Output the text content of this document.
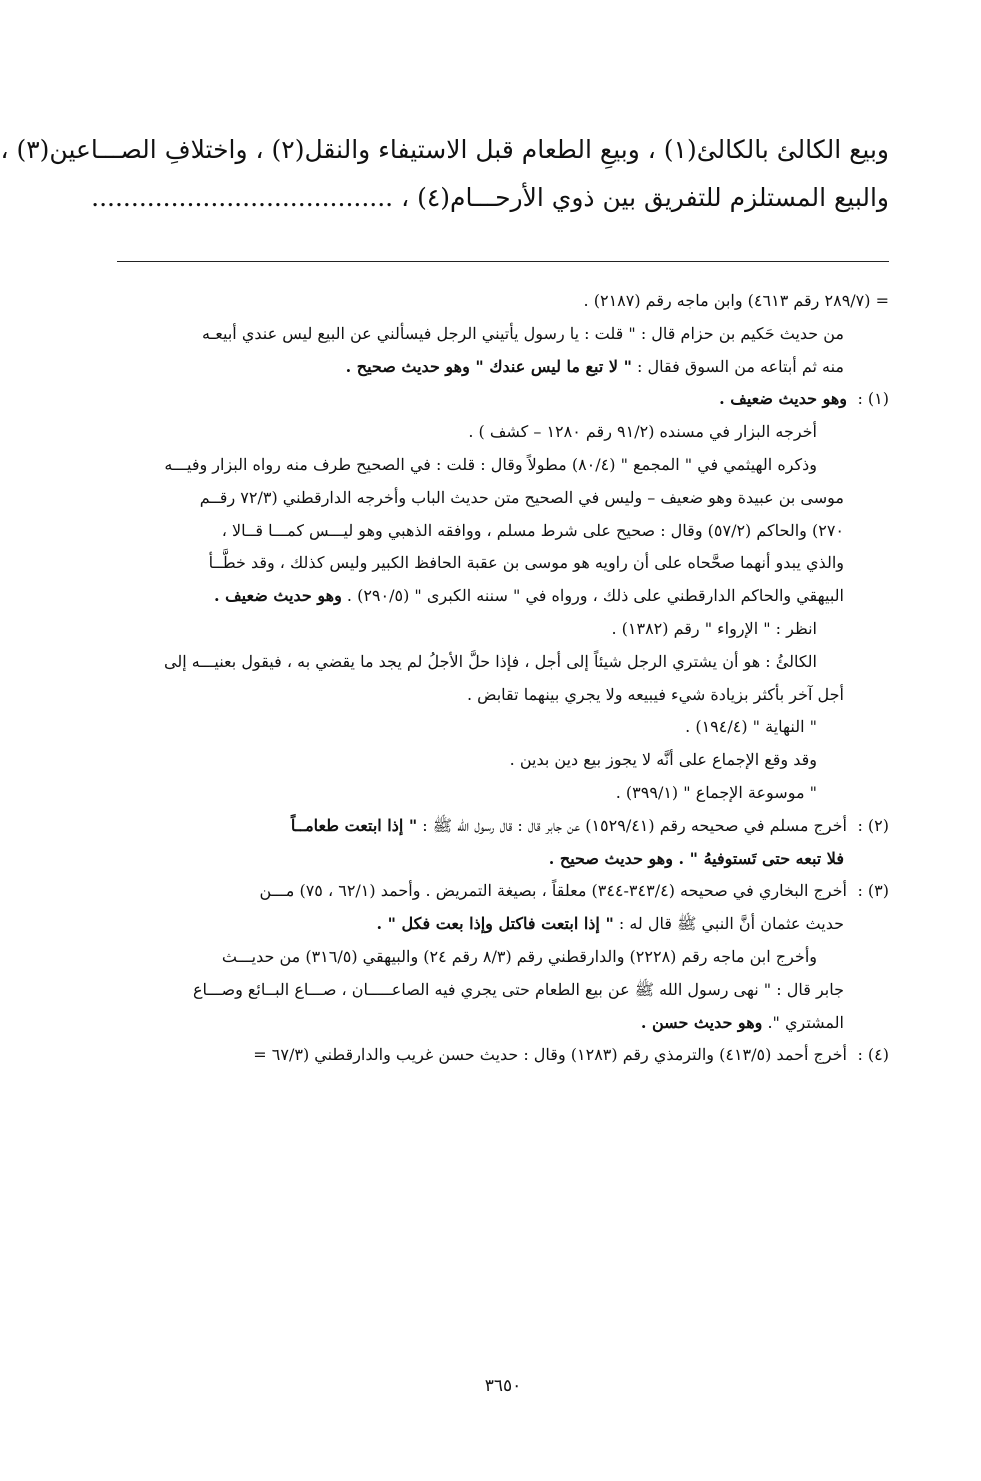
وبيع الكالئ بالكالئ(١) ، وبيعِ الطعام قبل الاستيفاء والنقل(٢) ، واختلافِ الصـــاعين(٣) ،
والبيع المستلزم للتفريق بين ذوي الأرحـــام(٤) ، ......................................
= (٢٨٩/٧ رقم ٤٦١٣) وابن ماجه رقم (٢١٨٧) .
من حديث حَكيم بن حزام قال : " قلت : يا رسول يأتيني الرجل فيسألني عن البيع ليس عندي أبيعـه
منه ثم أبتاعه من السوق فقال : " لا تبع ما ليس عندك " وهو حديث صحيح .
(١) :وهو حديث ضعيف .
أخرجه البزار في مسنده (٩١/٢ رقم ١٢٨٠ – كشف ) .
وذكره الهيثمي في " المجمع " (٨٠/٤) مطولاً وقال : قلت : في الصحيح طرف منه رواه البزار وفيـــه
موسى بن عبيدة وهو ضعيف – وليس في الصحيح متن حديث الباب وأخرجه الدارقطني (٧٢/٣ رقــم
٢٧٠) والحاكم (٥٧/٢) وقال : صحيح على شرط مسلم ، ووافقه الذهبي وهو ليـــس كمـــا قــالا ،
والذي يبدو أنهما صحَّحاه على أن راويه هو موسى بن عقبة الحافظ الكبير وليس كذلك ، وقد خطَّــأ
البيهقي والحاكم الدارقطني على ذلك ، ورواه في " سننه الكبرى " (٢٩٠/٥) . وهو حديث ضعيف .
انظر : " الإرواء " رقم (١٣٨٢) .
الكالئُ : هو أن يشتري الرجل شيئاً إلى أجل ، فإذا حلَّ الأجلُ لم يجد ما يقضي به ، فيقول بعنيـــه إلى
أجل آخر بأكثر بزيادة شيء فيبيعه ولا يجري بينهما تقابض .
" النهاية " (١٩٤/٤) .
وقد وقع الإجماع على أنَّه لا يجوز بيع دين بدين .
" موسوعة الإجماع " (٣٩٩/١) .
(٢) :أخرج مسلم في صحيحه رقم (١٥٢٩/٤١) عن جابر قال : قال رسول الله ﷺ : " إذا ابتعت طعامــاً
فلا تبعه حتى تَستوفيهُ " . وهو حديث صحيح .
(٣) :أخرج البخاري في صحيحه (٣٤٣/٤-٣٤٤) معلقاً ، بصيغة التمريض . وأحمد (٦٢/١ ، ٧٥) مـــن
حديث عثمان أنَّ النبي ﷺ قال له : " إذا ابتعت فاكتل وإذا بعت فكل " .
وأخرج ابن ماجه رقم (٢٢٢٨) والدارقطني رقم (٨/٣ رقم ٢٤) والبيهقي (٣١٦/٥) من حديـــث
جابر قال : " نهى رسول الله ﷺ عن بيع الطعام حتى يجري فيه الصاعـــــان ، صـــاع البــائع وصـــاع
المشتري ". وهو حديث حسن .
(٤) :أخرج أحمد (٤١٣/٥) والترمذي رقم (١٢٨٣) وقال : حديث حسن غريب والدارقطني (٦٧/٣ =
٣٦٥٠
